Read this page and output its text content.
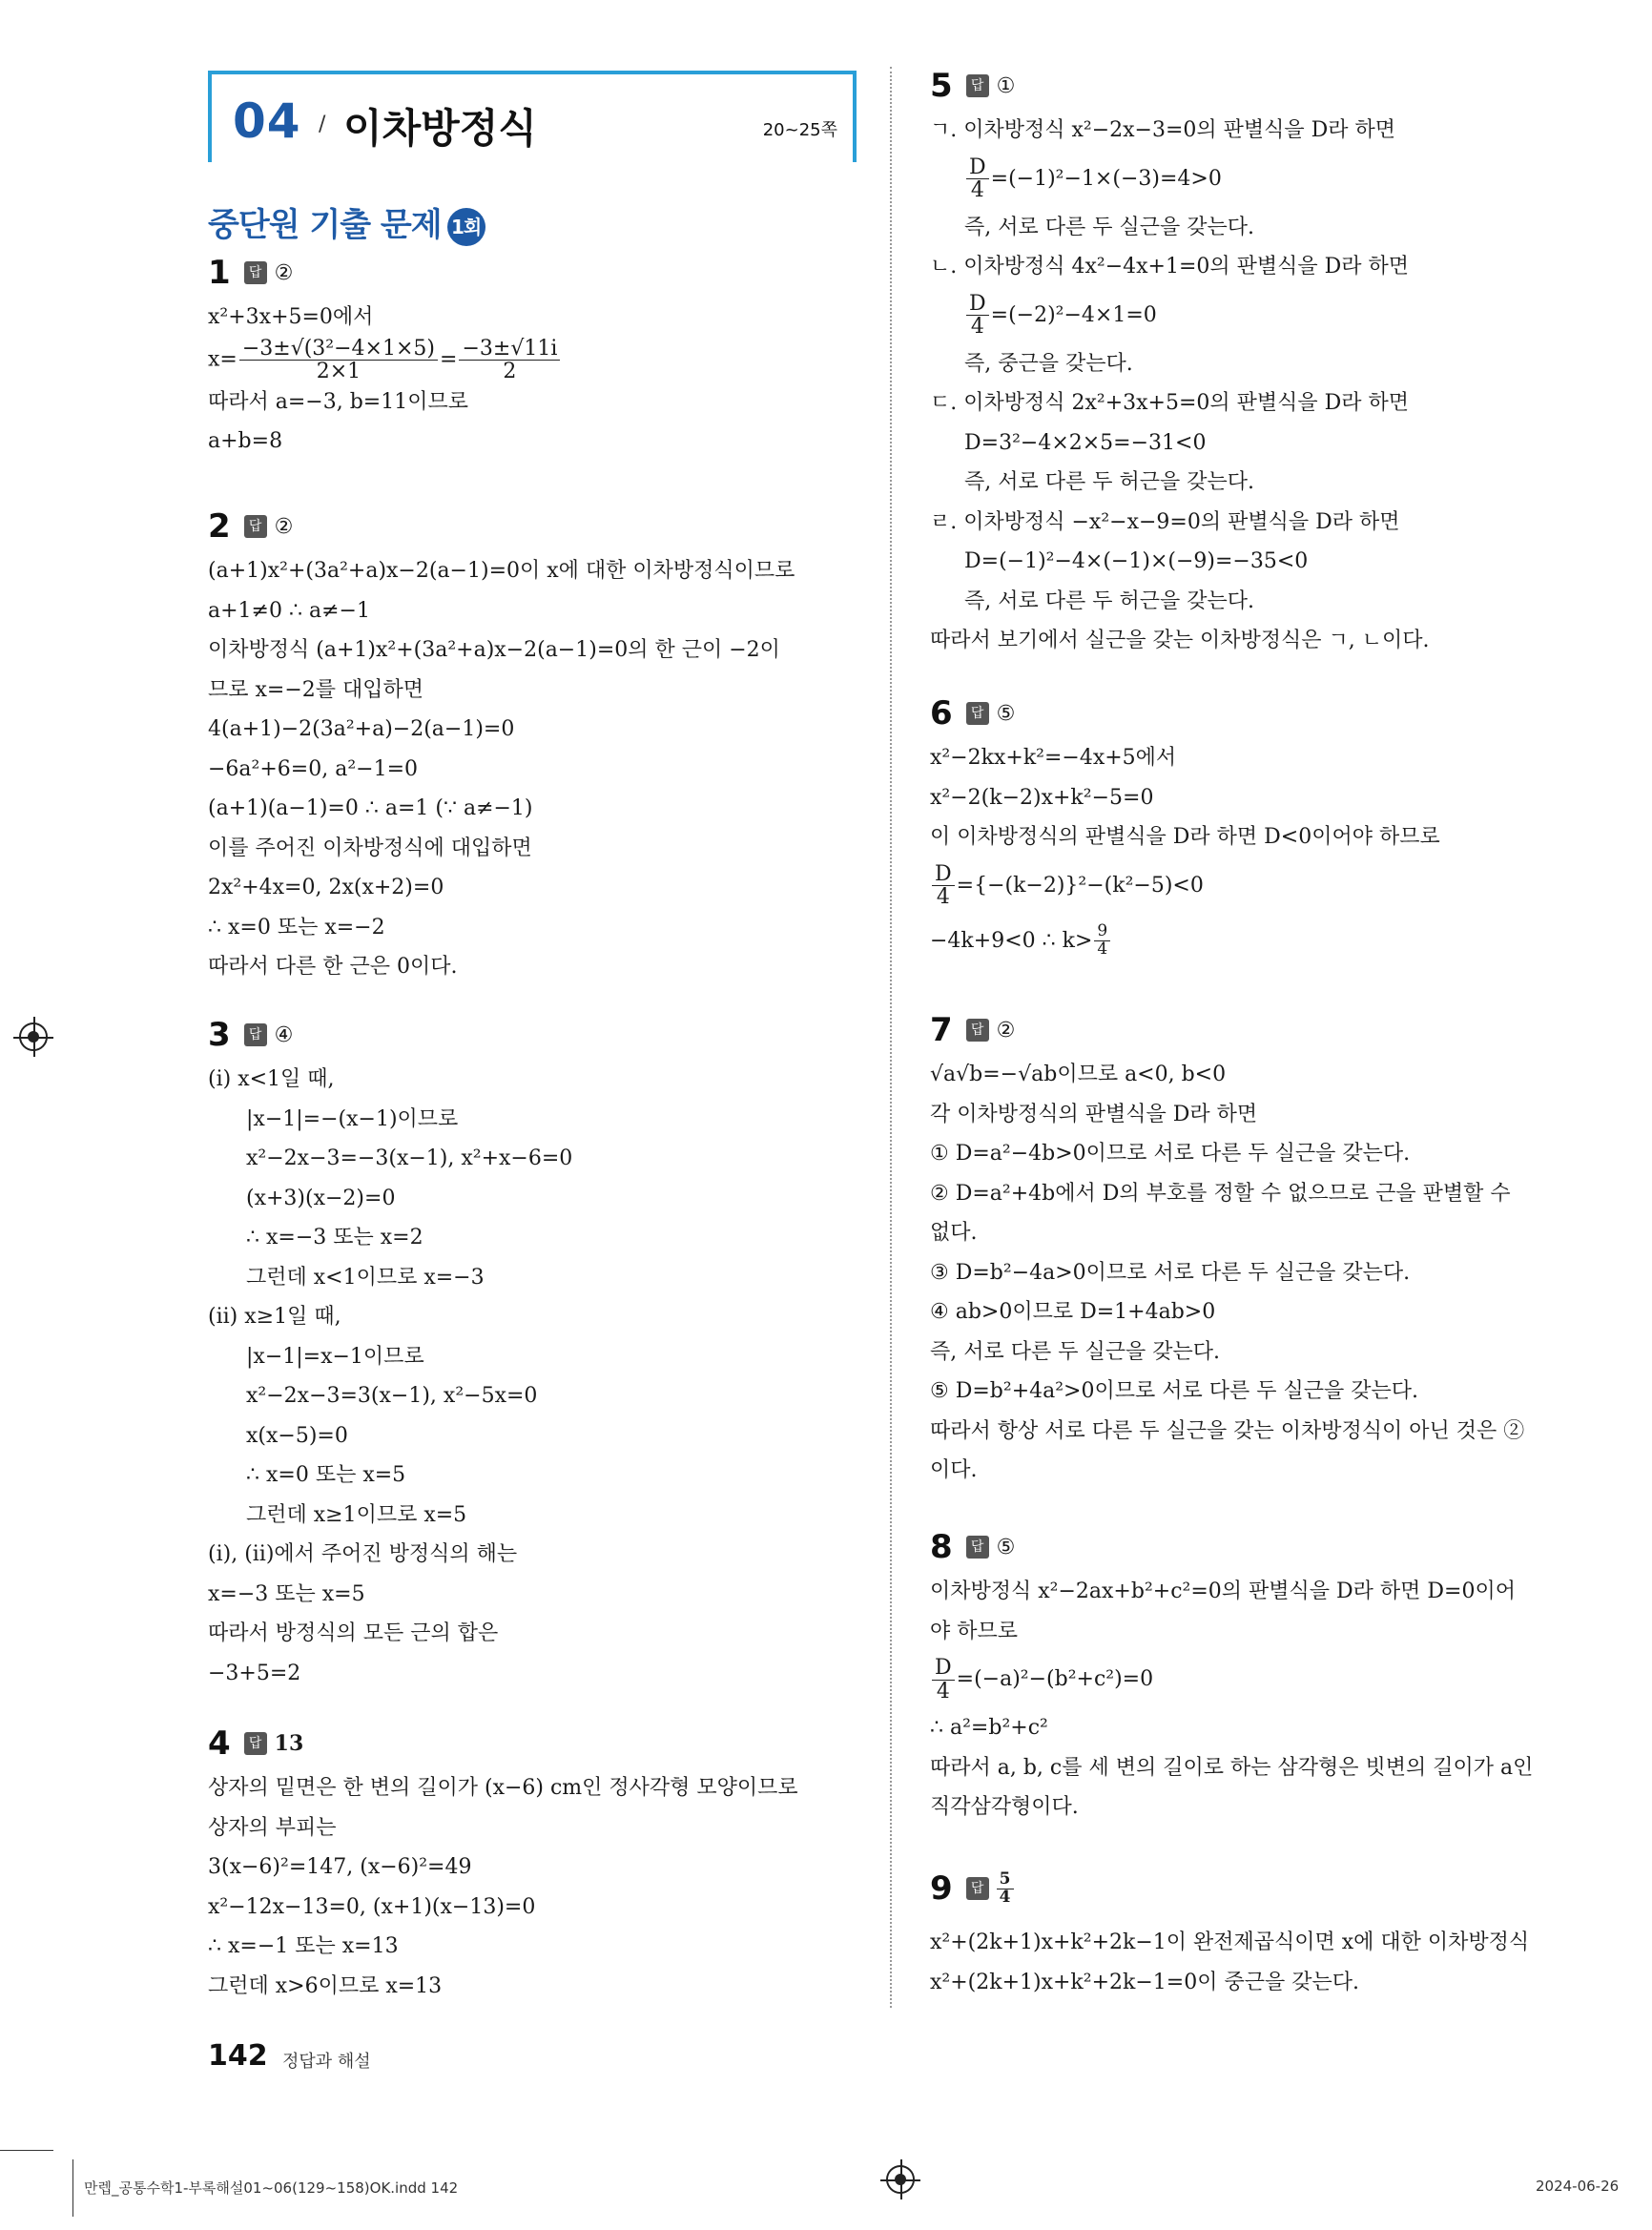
04 / 이차방정식	20~25쪽
중단원 기출 문제 1회
1 답 ②
x²+3x+5=0에서
$x= \frac{\text{−3±√(3²−4×1×5)}}{2\times 1} = \frac{-3\pm√11i}{2}$
따라서 a=−3, b=11이므로
a+b=8
2 답 ②
(a+1)x²+(3a²+a)x−2(a−1)=0이 x에 대한 이차방정식이므로
a+1≠0 ∴ a≠−1
이차방정식 (a+1)x²+(3a²+a)x−2(a−1)=0의 한 근이 −2이
므로 x=−2를 대입하면
4(a+1)−2(3a²+a)−2(a−1)=0
−6a²+6=0, a²−1=0
(a+1)(a−1)=0 ∴ a=1 (∵ a≠−1)
이를 주어진 이차방정식에 대입하면
2x²+4x=0, 2x(x+2)=0
∴ x=0 또는 x=−2
따라서 다른 한 근은 0이다.
3 답 ④
(ⅰ) x<1일 때,
|x−1|=−(x−1)이므로
x²−2x−3=−3(x−1), x²+x−6=0
(x+3)(x−2)=0
∴ x=−3 또는 x=2
그런데 x<1이므로 x=−3
(ⅱ) x≥1일 때,
|x−1|=x−1이므로
x²−2x−3=3(x−1), x²−5x=0
x(x−5)=0
∴ x=0 또는 x=5
그런데 x≥1이므로 x=5
(ⅰ), (ⅱ)에서 주어진 방정식의 해는
x=−3 또는 x=5
따라서 방정식의 모든 근의 합은
−3+5=2
4 답 13
상자의 밑면은 한 변의 길이가 (x−6) cm인 정사각형 모양이므로
상자의 부피는
3(x−6)²=147, (x−6)²=49
x²−12x−13=0, (x+1)(x−13)=0
∴ x=−1 또는 x=13
그런데 x>6이므로 x=13
5 답 ①
ㄱ. 이차방정식 x²−2x−3=0의 판별식을 D라 하면
$\frac{D}{4} =(-1)^2-1\times(-3)=4>0$
즉, 서로 다른 두 실근을 갖는다.
ㄴ. 이차방정식 4x²−4x+1=0의 판별식을 D라 하면
$\frac{D}{4} =(-2)^2-4\times 1=0$
즉, 중근을 갖는다.
ㄷ. 이차방정식 2x²+3x+5=0의 판별식을 D라 하면
D=3²−4×2×5=−31<0
즉, 서로 다른 두 허근을 갖는다.
ㄹ. 이차방정식 −x²−x−9=0의 판별식을 D라 하면
D=(−1)²−4×(−1)×(−9)=−35<0
즉, 서로 다른 두 허근을 갖는다.
따라서 보기에서 실근을 갖는 이차방정식은 ㄱ, ㄴ이다.
6 답 ⑤
x²−2kx+k²=−4x+5에서
x²−2(k−2)x+k²−5=0
이 이차방정식의 판별식을 D라 하면 D<0이어야 하므로
$\frac{D}{4} =\{-(k-2)\}^2-(k^2-5)<0$
−4k+9<0 ∴ $k> \frac{9}{4}$
7 답 ②
√a√b=−√ab이므로 a<0, b<0
각 이차방정식의 판별식을 D라 하면
① D=a²−4b>0이므로 서로 다른 두 실근을 갖는다.
② D=a²+4b에서 D의 부호를 정할 수 없으므로 근을 판별할 수
없다.
③ D=b²−4a>0이므로 서로 다른 두 실근을 갖는다.
④ ab>0이므로 D=1+4ab>0
즉, 서로 다른 두 실근을 갖는다.
⑤ D=b²+4a²>0이므로 서로 다른 두 실근을 갖는다.
따라서 항상 서로 다른 두 실근을 갖는 이차방정식이 아닌 것은 ②
이다.
8 답 ⑤
이차방정식 x²−2ax+b²+c²=0의 판별식을 D라 하면 D=0이어
야 하므로
$\frac{D}{4} =(-a)^2-(b^2+c^2)=0$
∴ a²=b²+c²
따라서 a, b, c를 세 변의 길이로 하는 삼각형은 빗변의 길이가 a인
직각삼각형이다.
9 답 $\frac{5}{4}$
x²+(2k+1)x+k²+2k−1이 완전제곱식이면 x에 대한 이차방정식
x²+(2k+1)x+k²+2k−1=0이 중근을 갖는다.
142 정답과 해설
만렙_공통수학1-부록해설01~06(129~158)OK.indd 142	2024-06-26
